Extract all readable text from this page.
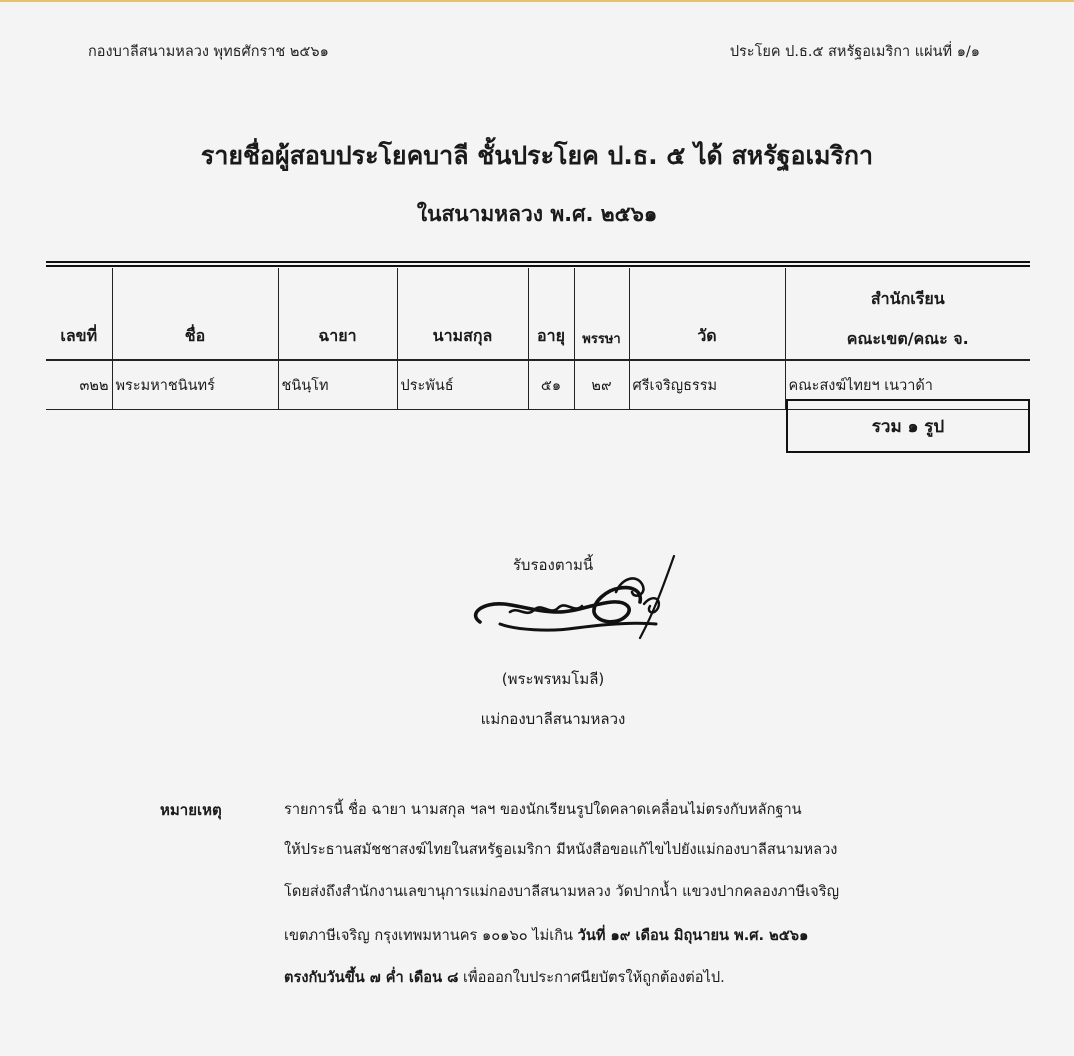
กองบาลีสนามหลวง พุทธศักราช ๒๕๖๑	ประโยค ป.ธ.๕ สหรัฐอเมริกา แผ่นที่ ๑/๑
รายชื่อผู้สอบประโยคบาลี ชั้นประโยค ป.ธ. ๕ ได้ สหรัฐอเมริกา
ในสนามหลวง พ.ศ. ๒๕๖๑
เลขที่	ชื่อ	ฉายา	นามสกุล	อายุ	พรรษา	วัด	สำนักเรียน
คณะเขต/คณะ จ.

๓๒๒	พระมหาชนินทร์	ชนินฺโท	ประพันธ์	๕๑	๒๙	ศรีเจริญธรรม	คณะสงฆ์ไทยฯ เนวาด้า
รวม ๑ รูป
รับรองตามนี้
(พระพรหมโมลี)
แม่กองบาลีสนามหลวง
หมายเหตุ	รายการนี้ ชื่อ ฉายา นามสกุล ฯลฯ ของนักเรียนรูปใดคลาดเคลื่อนไม่ตรงกับหลักฐาน
ให้ประธานสมัชชาสงฆ์ไทยในสหรัฐอเมริกา มีหนังสือขอแก้ไขไปยังแม่กองบาลีสนามหลวง
โดยส่งถึงสำนักงานเลขานุการแม่กองบาลีสนามหลวง วัดปากน้ำ แขวงปากคลองภาษีเจริญ
เขตภาษีเจริญ กรุงเทพมหานคร ๑๐๑๖๐ ไม่เกิน วันที่ ๑๙ เดือน มิถุนายน พ.ศ. ๒๕๖๑
ตรงกับวันขึ้น ๗ ค่ำ เดือน ๘ เพื่อออกใบประกาศนียบัตรให้ถูกต้องต่อไป.
